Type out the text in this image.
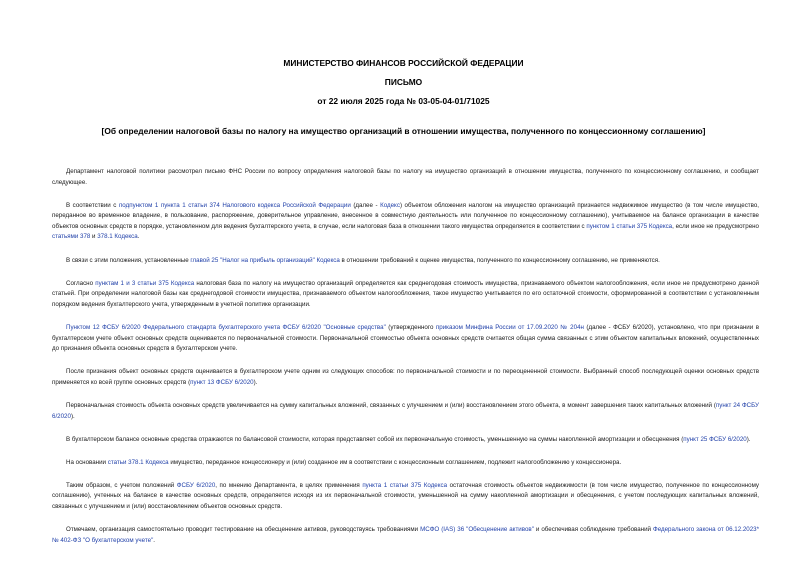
МИНИСТЕРСТВО ФИНАНСОВ РОССИЙСКОЙ ФЕДЕРАЦИИ
ПИСЬМО
от 22 июля 2025 года № 03-05-04-01/71025
[Об определении налоговой базы по налогу на имущество организаций в отношении имущества, полученного по концессионному соглашению]

Департамент налоговой политики рассмотрел письмо ФНС России по вопросу определения налоговой базы по налогу на имущество организаций в отношении имущества, полученного по концессионному соглашению, и сообщает следующее.

В соответствии с подпунктом 1 пункта 1 статьи 374 Налогового кодекса Российской Федерации (далее - Кодекс) объектом обложения налогом на имущество организаций признается недвижимое имущество (в том числе имущество, переданное во временное владение, в пользование, распоряжение, доверительное управление, внесенное в совместную деятельность или полученное по концессионному соглашению), учитываемое на балансе организации в качестве объектов основных средств в порядке, установленном для ведения бухгалтерского учета, в случае, если налоговая база в отношении такого имущества определяется в соответствии с пунктом 1 статьи 375 Кодекса, если иное не предусмотрено статьями 378 и 378.1 Кодекса.

В связи с этим положения, установленные главой 25 "Налог на прибыль организаций" Кодекса в отношении требований к оценке имущества, полученного по концессионному соглашению, не применяются.

Согласно пунктам 1 и 3 статьи 375 Кодекса налоговая база по налогу на имущество организаций определяется как среднегодовая стоимость имущества, признаваемого объектом налогообложения, если иное не предусмотрено данной статьей. При определении налоговой базы как среднегодовой стоимости имущества, признаваемого объектом налогообложения, такое имущество учитывается по его остаточной стоимости, сформированной в соответствии с установленным порядком ведения бухгалтерского учета, утвержденным в учетной политике организации.

Пунктом 12 ФСБУ 6/2020 Федерального стандарта бухгалтерского учета ФСБУ 6/2020 "Основные средства" (утвержденного приказом Минфина России от 17.09.2020 № 204н (далее - ФСБУ 6/2020), установлено, что при признании в бухгалтерском учете объект основных средств оценивается по первоначальной стоимости. Первоначальной стоимостью объекта основных средств считается общая сумма связанных с этим объектом капитальных вложений, осуществленных до признания объекта основных средств в бухгалтерском учете.

После признания объект основных средств оценивается в бухгалтерском учете одним из следующих способов: по первоначальной стоимости и по переоцененной стоимости. Выбранный способ последующей оценки основных средств применяется ко всей группе основных средств (пункт 13 ФСБУ 6/2020).

Первоначальная стоимость объекта основных средств увеличивается на сумму капитальных вложений, связанных с улучшением и (или) восстановлением этого объекта, в момент завершения таких капитальных вложений (пункт 24 ФСБУ 6/2020).

В бухгалтерском балансе основные средства отражаются по балансовой стоимости, которая представляет собой их первоначальную стоимость, уменьшенную на суммы накопленной амортизации и обесценения (пункт 25 ФСБУ 6/2020).

На основании статьи 378.1 Кодекса имущество, переданное концессионеру и (или) созданное им в соответствии с концессионным соглашением, подлежит налогообложению у концессионера.

Таким образом, с учетом положений ФСБУ 6/2020, по мнению Департамента, в целях применения пункта 1 статьи 375 Кодекса остаточная стоимость объектов недвижимости (в том числе имущество, полученное по концессионному соглашению), учтенных на балансе в качестве основных средств, определяется исходя из их первоначальной стоимости, уменьшенной на сумму накопленной амортизации и обесценения, с учетом последующих капитальных вложений, связанных с улучшением и (или) восстановлением объектов основных средств.

Отмечаем, организация самостоятельно проводит тестирование на обесценение активов, руководствуясь требованиями МСФО (IAS) 36 "Обесценение активов" и обеспечивая соблюдение требований Федерального закона от 06.12.2023* № 402-ФЗ "О бухгалтерском учете".
